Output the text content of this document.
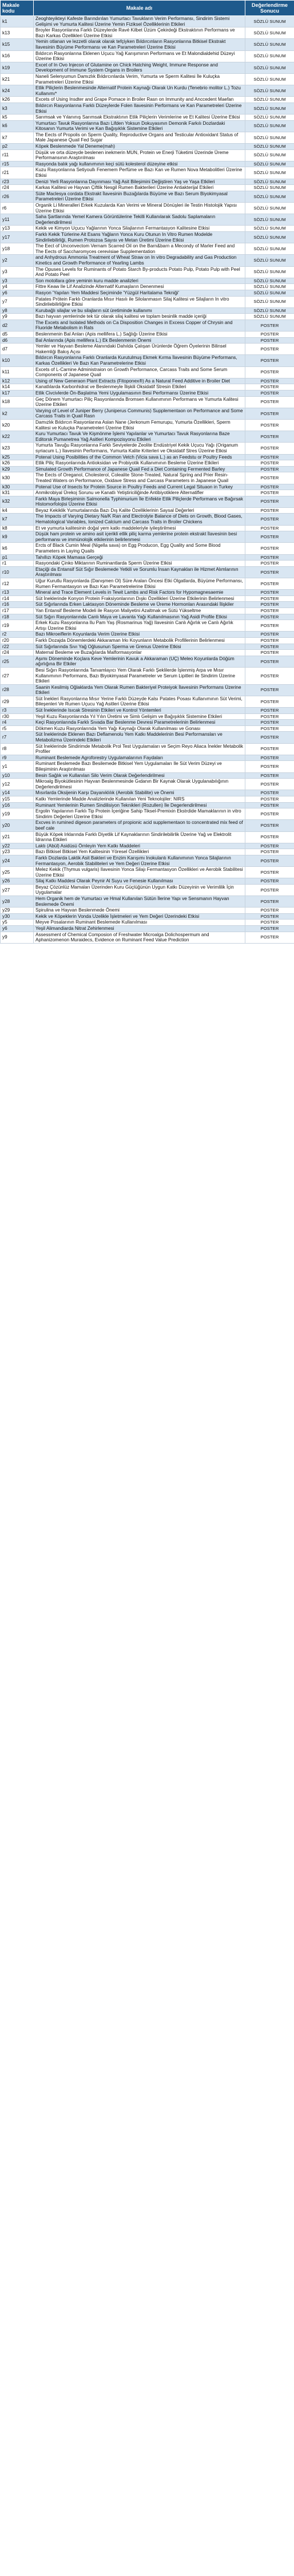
Makale kodu	Makale adı	Değerlendirme Sonucu
k1	Zeoghteyikteyi Kafeste Barındırılan Yumurtacı Tavukların Verim Performansı, Sindirim Sistemi Gelişimi ve Yumurta Kalitesi Üzerine Yemin Fiziksel Özelliklerinin Etkileri	SÖZLÜ SUNUM
k13	Broyler Rasyonlarına Farklı Düzeylerde Ravé Kilbet Üzüm Çekirdeği Ekstraktının Performans ve Bazı Karkas Özellikleri Üzerine Etkisi	SÖZLÜ SUNUM
k15	Yemin otlanan ve lezzetli olarak olarak tefçiyken Bıldırcınların Rasyonlarına Bitkisel Ekstrakt İlavesinin Büyüme Performansı ve Kan Parametreleri Üzerine Etkisi	SÖZLÜ SUNUM
k16	Bıldırcın Rasyonlarına Eklenen Uçucu Yağ Karışımının Performans ve Et Malondialdehid Düzeyi Üzerine Etkisi	SÖZLÜ SUNUM
k19	Excet of In Ovo Injecon of Glutamine on Chick Hatching Weight, Immune Response and Development of Immune System Organs in Broilers	SÖZLÜ SUNUM
k21	Naneli Selenyumun Damızlık Bıldırcınlarda Verim, Yumurta ve Sperm Kalitesi İle Kuluçka Parametreleri Üzerine Etkisi	SÖZLÜ SUNUM
k24	Etlik Piliçlerin Beslenmesinde Alternatif Protein Kaynağı Olarak Un Kurdu (Tenebrio molitor L.) Tozu Kullanımı*	SÖZLÜ SUNUM
k26	Excets of Using Insdter and Grape Pomace in Broiler Rasn on Immunity and Anccedent Maefan	SÖZLÜ SUNUM
k3	Bıldırcın Rasyonlarına Farklı Düzeylerde Folen Ilavesinin Performans ve Kan Parametreleri Üzerine Etkisi	SÖZLÜ SUNUM
k5	Sarımsak ve Yılanınış Sarımsak Ekstraktının Etlik Piliçlerin Verimlerine ve Et Kalitesi Üzerine Etkisi	SÖZLÜ SUNUM
k6	Yumurtacı Tavuk Rasyonlarına Bazı Lifden Yoksun Dokuyasının Demonik Farkılı Dozlardaki Kitosanın Yumurta Verimi ve Kan Bağışıklık Sistemine Etkileri	SÖZLÜ SUNUM
k7	The Eects of Propolis on Sperm Quality, Reproductive Organs and Testicular Antioxidant Status of Male Japanese Quail Fed Sugar	SÖZLÜ SUNUM
p2	Köpek Beslenmede Yal Deneme(mah)	SÖZLÜ SUNUM
r11	Düşük ve orta düzeyde beslenen inekmerin MUN, Protein ve Enerji Tüketimi Üzerinde Üreme Performansının Araştırılması	SÖZLÜ SUNUM
r15	Rasyonda balık yağı kullanımının keçi sütü kolesterol düzeyine etkisi	SÖZLÜ SUNUM
r21	Kuzu Rasyonlarına Setiyoullı Fenemem Perfüme ve Bazı Kan ve Rumen Nova Metabolitleri Üzerine Etkisi	SÖZLÜ SUNUM
r23	Denizi Yerli Rasyonlarına Dayınması Yağ Asit Bileşimini Değiştiren Yaş ve Yaşa Etkileri	SÖZLÜ SUNUM
r24	Karkas Kalitesi ve Hayvan Çiftlik Nesgil Rumen Bakterileri Üzerine Antiakterijal Etkileri	SÖZLÜ SUNUM
r26	Süte Maclesya cordata Ekstrakt İlavesinin Buzağılarda Büyüme ve Bazı Serum Biyokimyasal Parametreleri Üzerine Etkisi	SÖZLÜ SUNUM
r6	Organik Li Mineralleri Erkek Kuzularda Kan Verimi ve Mineral Dönüşleri ile Testin Histolojik Yapısı Üzerine Etkisi	SÖZLÜ SUNUM
y11	Saha Şartlarında Yemel Kamera Görüntülerine Tekilli Kullanılarak Sadolu Saplamaların Değerlendirilmesi	SÖZLÜ SUNUM
y13	Kekik ve Kimyon Uçucu Yağlarının Yonca Silajlarının Fermantasyon Kalitesine Etkisi	SÖZLÜ SUNUM
y17	Farklı Kekik Türlerine Ait Esans Yağların Yonca Kuru Otunun In Vitro Rumen Modelde Sindirilebilirliği, Rumen Protozoa Sayısı ve Metan Üretimi Üzerine Etkisi	SÖZLÜ SUNUM
y18	The Eect of Unconvectom Vernam Scarred Oil on the Barn&barn a Mecondy of Marler Feed and The Eects of Saccharomyces cerevisiae Supplementation	SÖZLÜ SUNUM
y2	and Anhydrous Ammonia Treatment of Wheat Straw on In vitro Degradability and Gas Production Kinetics and Growth Performance of Yearling Lambs	SÖZLÜ SUNUM
y3	The Opuses Levels for Ruminants of Potato Starch By-products Potato Pulp, Potato Pulp with Peel And Potato Peel	SÖZLÜ SUNUM
y3	Son motollara göre yeminin kuru madde analizleri	SÖZLÜ SUNUM
y4	Fittre Keaw Ile Lif Analizinde Alternatif Kumaşların Denenmesi	SÖZLÜ SUNUM
y6	Rasyon 'Yapıları Yem Maddesi Seçiminde 'Yüzgül Haritalama Tekniği'	SÖZLÜ SUNUM
y7	Patates Prötein Farklı Oranlarda Mısır Hasılı ile Silolanmasın Silaj Kalitesi ve Silajların In vitro Sindirilebilirliğine Etkisi	SÖZLÜ SUNUM
y8	Kurubağlı silajlar ve bu silajların süt üretiminde kullanımı	SÖZLÜ SUNUM
y9	Bazı hayvan yemlerinde tek tür olarak silaj kalitesi ve toplam besinlik madde içeriği	SÖZLÜ SUNUM
d2	The Excets and Isolated Methods on Ca Disposition Changes in Excess Copper of Chrysin and Fluoride Metabolism in Rats	POSTER
d5	Beslenmenin Bal Anları (Apis mellifera L.) Sağlığı Üzerine Etkisi	POSTER
d6	Bal Anlarında (Apis mellifera L.) Ek Beslenmenin Önemi	POSTER
d7	Yemler ve Hayvan Besleme Alanındaki Dahılda Çalışan Ürünlerde Öğrem Öyelerinin Bilinsel Hakemliği Bakış Açısı	POSTER
k10	Bıldırcın Rasyonlarına Farklı Oranlarda Kurutulmuş Ekmek Kırma İlavesinin Büyüme Performans, Karkas Özellikleri Ve Bazı Kan Parametrelerine Etkisi	POSTER
k11	Excets of L-Carnine Administraion on Growth Performance, Carcass Traits and Some Serum Components of Japanese Quail	POSTER
k12	Using of New Generaon Plant Extracts (Fitoponex®) As a Natural Feed Additive in Broiler Diet	POSTER
k14	Kanatlılarda Karbonhidrat ve Beslenmeyle İlişkili Oksidatif Stresin Etkileri	POSTER
k17	Etlik Civcivlerde Ön-Başlatma Yemi Uygulamasının Besi Performansı Üzerine Etkisi	POSTER
k18	Geç Dönem Yumurtacı Piliç Rasyonlarında Bromsen Kullanımının Performans ve Yumurta Kalitesi Üzerine Etkileri	POSTER
k2	Varying of Level of Juniper Berry (Juniperus Communis) Supplementaon on Performance and Some Carcass Traits in Quail Rasn	POSTER
k20	Damızlık Bıldırcın Rasyonlarına Aslan Nane (Jerkonum Femurupu, Yumurta Özellikleri, Sperm Kalitesi ve Kuluçka Parametreleri Üzerine Etkisi	POSTER
k22	Kuru Yumurtacı Tavuk Ve Kişmönme İşlemi Yapılanlar ve Yumurtacı Tavuk Rasyonlarına Baze Editorsk Pumanetrea Yağ Asitleri Kompozisyonu Etkileri	POSTER
k23	Yumurta Tavuğu Rasyonlarına Farklı Seviyelerde Zeolite Endüstriyel Kekik Uçucu Yağı (Origanum syriacum L.) İlavesinin Performans, Yumurta Kalite Kriterleri ve Oksidatif Stres Üzerine Etkisi	POSTER
k25	Potenal Using Posibilities of the Common Vetch (Vicia sava L.) as an Feedstu or Poultry Feeds	POSTER
k26	Etlik Piliç Rasyonlarında Antioksidan ve Probiyotik Kullanımının Besleme Üzerine Etkileri	POSTER
k29	Simulated Growth Performance of Japanese Quail Fed a Diet Containing Fermented Barley	POSTER
k30	The Eects of Oreganol, Cholesterol, Colealite Stone-Treated, Natural Spring and Prier Resin-Treated Waters on Performance, Oxidave Stress and Carcass Parameters in Japanese Quail	POSTER
k30	Potenal Use of Insects for Protein Source in Poultry Feeds and Current Legal Situaon in Turkey	POSTER
k31	Anmikrobiyal Ürekoj Sorunu ve Kanatlı Yetiştiriciliğinde Antibiyotiklere Alternatifler	POSTER
k32	Farklı Maya Birleşiminin Salmonella Typhimurium İle Enfekte Etlik Piliçlerde Performans ve Bağırsak Histomorfolojisi Üzerine Etkisi	POSTER
k4	Beyaz Kekiklik Yumurtalarında Bazı Dış Kalite Özelliklerinin Saysal Değerleri	POSTER
k7	The Impacts of Varying Dietary Na/K Ran and Electrolyte Balance of Diets on Growth, Blood Gases, Hematological Variables, Ionized Calcium and Carcass Traits in Broiler Chickens	POSTER
k8	Et ve yumurta kalitesinin doğal yem katkı maddeleriyle iyileştirilmesi	POSTER
k9	Düşük ham protein ve amino asit içerikli etlik piliç karma yemlerine protein ekstrakt İlavesinin besi performansı ve immünolojik etkilerinin belirlenmesi	POSTER
k6	Ercts of Black Cumin Meal (Nigella sava) on Egg Producon, Egg Quality and Some Blood Parameters in Laying Quails	POSTER
p1	Tahıllızı Köpek Mamasa Gerçeği	POSTER
r1	Rasyondaki Çinko Miktarının Ruminantlarda Sperm Üzerine Etkisi	POSTER
r10	Etaçiği da Entansif Süt Sığır Beslemede Yetkili ve Sorumlu İnsan Kaynakları ile Hizmet Alımlarının Araştırılması	POSTER
r12	Uğur Kurutlu Rasyonlarda (Danışmen Ol) Süre Araları Öncesi Etki Olgatlarda, Büyüme Performansı, Rumen Fermantasyon ve Bazı Kan Parametrelerine Etkisi	POSTER
r13	Mineral and Trace Element Levels in Tewit Lambs and Risk Factors for Hypomagnesaemie	POSTER
r14	Süt İneklerinde Konyon Protein Fraksiyonlarının Dışkı Özellikleri Üzerine Etkilerinin Belirlenmesi	POSTER
r16	Süt Sığırlarında Erken Laktasyon Döneminde Besleme ve Üreme Hormonları Arasındaki İlişkiler	POSTER
r17	Yan Entansif Besleme Modeli ile Rasyon Maliyetini Azaltmak ve Sütü Yükseltme	POSTER
r18	Süt Sığırı Rasyonlarında Canlı Maya ve Lavanta Yağı Kullanılmasının Yağ Asidi Profile Etkisi	POSTER
r19	Erkek Kuzu Rasyonlarına Ilu Pam Yaş (Rosmarinus Yağ) Ilavesinin Canlı Ağırlık ve Canlı Ağırlık Artışı Üzerine Etkisi	POSTER
r2	Bazı Mikroeiflerin Koyunlarda Verim Üzerine Etkisi	POSTER
r20	Farklı Dozajda Dönemlerdeki Akkaraman Irkı Koyunların Metabolik Profillerinin Belirlenmesi	POSTER
r22	Süt Sığırlarında Sıvı Yağ Oğlusunun Sperma ve Grenus Üzerine Etkisi	POSTER
r24	Maternal Besleme ve Buzağılarda Malformasyonlar	POSTER
r25	Aşımı Döneminde Koçlara Keve Yemlerinin Kavuk a Akkaraman (UÇ) Meleo Koyunlarda Döğüm ağırlığına Bir Etkiler	POSTER
r27	Besi Sığırı Rasyonlarında Tanıamlayıcı Yem Olarak Farklı Şeklilerde İşlenmiş Arpa ve Mısır Kullanımının Performans, Bazı Biyokimyasal Parametreler ve Serum Lipitleri ile Sindirim Üzerine Etkileri	POSTER
r28	Saanin Kesilmiş Oğlaklarda Yem Olarak Rumen Bakteriyel Proteiyok İlavesinin Performans Üzerine Etkileri	POSTER
r29	Süt İnekleri Rasyonlarına Mısır Yerine Farklı Düzeyde Kalsı Patates Posası Kullanımının Süt Verimi, Bileşenleri Ve Rumen Uçucu Yağ Asitleri Üzerine Etkisi	POSTER
r3	Süt İneklerinde Isıcak Stresinin Etkileri ve Kontrol Yöntemleri	POSTER
r30	Yeşil Kuzu Rasyonlarında Yıl Yılın Üretimi ve Simlı Gelişim ve Bağışıklık Sistemine Etkileri	POSTER
r4	Keçi Rasyonlarında Farklı Sıvada Bar Beslenme Devresi Parametrelerinin Belirlenmesi	POSTER
r5	Dökmen Kuzu Rasyonlarında Yem Yağı Kaynağı Olarak Kullanılması ve Gonası	POSTER
r7	Süt İneklerinde Eklenen Bazı Deflamenolu Yem Katkı Maddelerinin Besi Performansları ve Metabolizma Üzerindeki Etkileri	POSTER
r8	Süt İneklerinde Sindirimde Metabolik Prol Test Uygulamaları ve Seçim Reyo Aliaca İnekler Metabolik Profiler	POSTER
r9	Ruminant Beslemede Agroforestry Uygulamalarının Faydaları	POSTER
y1	Ruminant Beslemede Bazı Besilemede Bitkisel Yem Uygulamaları Ile Süt Verim Düzeyi ve Bileşiminin Araştırılması	POSTER
y10	Besin Sağlık ve Kullanılan Silo Verim Olarak Değerlendirilmesi	POSTER
y12	Mikroalg Biyokütlesinin Hayvan Beslenmesinde Gıdanın Bir Kaynak Olarak Uygulanabılığının Değerlendirilmesi	POSTER
y14	Mısırlarda Oksijenin Karşı Dayanıklılık (Aerobik Stabilite) ve Önemi	POSTER
y15	Katkı Yemlerinde Madde Analizlerinde Kullanılan Yeni Teknolojiler: NIRS	POSTER
y16	Ruminant Yemlerinin Rumen Sindilisiyon Teknikleri (Rozullen) İle Degerlendirilmesi	POSTER
y19	Ergolin Yapılarının Farklı Tip Protein İçeriğine Sahip Tiksel-Premixin Ekstrdide Mamaklarının in vitro Sindirim Değerleri Üzerine Etkisi	POSTER
y20	Excves in rumined digeson parameters of propionic acid supplementaon to concentrated mix feed of beef cale	POSTER
y21	Büyük Köpek Irklarında Farklı Diyetlik Lif Kaynaklarının Sindirilebilirlik Üzerine Yağ ve Elektrolit İdrarına Etkileri	POSTER
y22	Laktı (Abül) Asidüsü Örnleyin Yem Katkı Maddeleri	POSTER
y23	Bazı Bitkisel Bitkisel Yem Kalitesinin Yöresel Özellikleri	POSTER
y24	Farklı Dozlarda Laktik Asit Bakteri ve Enzim Karışımı Inokulantı Kullanımının Yonca Silajlarının Fermantasyon, Aerobik Stabiliteleri ve Yem Değeri Üzerine Etkisi	POSTER
y25	Melez Kekik (Thymus vulgaris) Ilavesinin Yonca Silajı Fermantasyon Özellikleri ve Aerobik Stabilitesi Üzerine Etkisi	POSTER
y26	Silaj Katkı Maddesi Olarak Peynir Al Suyu ve Fenesie Kullanılması	POSTER
y27	Beyaz Çözünlüz Mamaları Üzerinden Kuru Güçlüğünün Uygun Katkı Düzeyinin ve Verimlilik İçin Uygulamalar	POSTER
y28	Hem Organik hem de Yumurtacı ve Hmal Kullanılan Sütün İlerine Yapı ve Sensmanın Hayvan Beslemede Önemi	POSTER
y29	Spirulina ve Hayvan Beslenmede Önemi	POSTER
y30	Kekik ve Köpeklerin Vonda Uzelikle İşletmeleri ve Yem Değeri Üzerindeki Etkisi	POSTER
y5	Meyve Posalarının Ruminant Beslemede Kullanılması	POSTER
y6	Yeşil Alimandiarda Nitrat Zehirlenmesi	POSTER
y9	Assessment of Chemical Composion of Freshwater Microalga Dolichospermum and Aphanizomenon Muraidecs, Evidence on Ruminant Feed Value Prediction	POSTER
